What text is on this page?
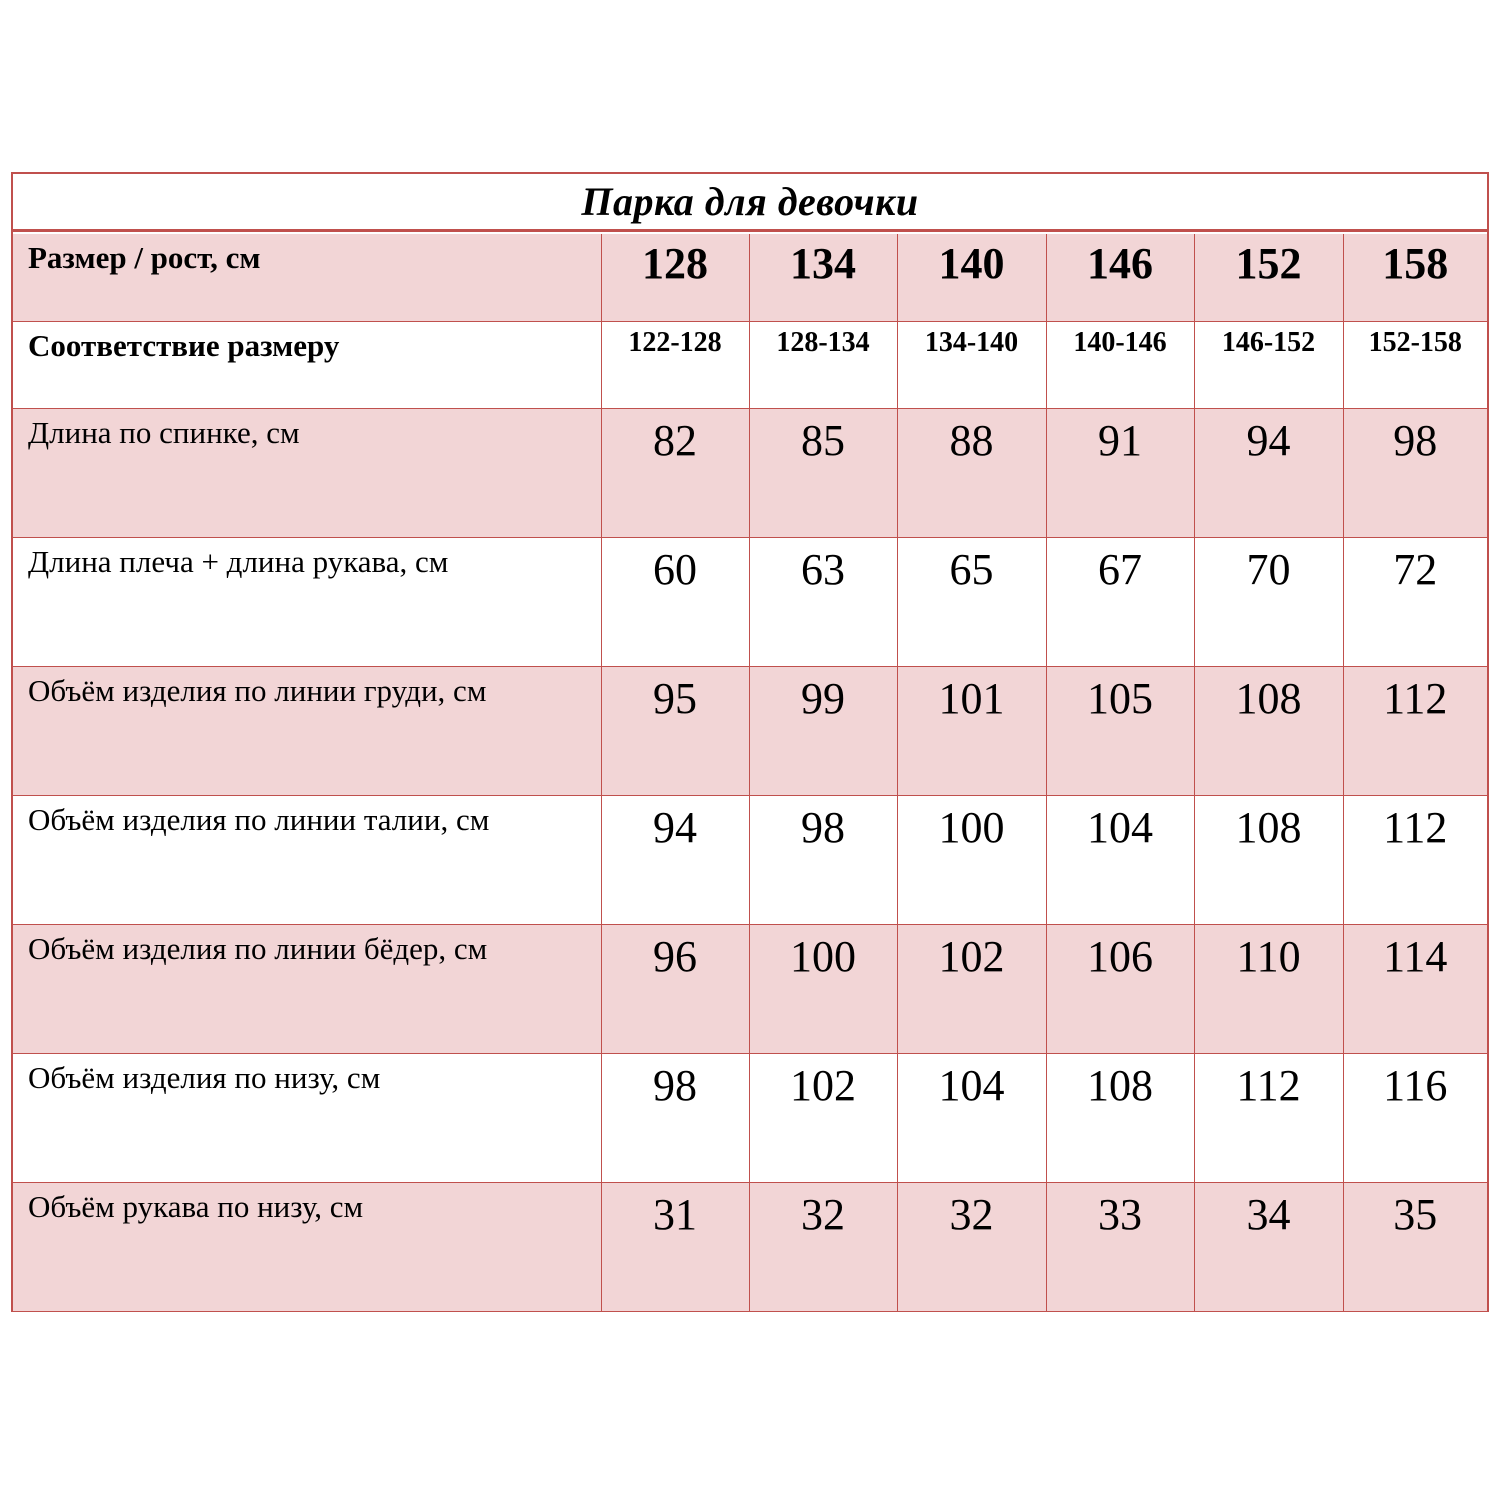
Парка для девочки
Размер / рост, см	128	134	140	146	152	158
Соответствие размеру	122-128	128-134	134-140	140-146	146-152	152-158
Длина по спинке, см	82	85	88	91	94	98
Длина плеча + длина рукава, см	60	63	65	67	70	72
Объём изделия по линии груди, см	95	99	101	105	108	112
Объём изделия по линии талии, см	94	98	100	104	108	112
Объём изделия по линии бёдер, см	96	100	102	106	110	114
Объём изделия по низу, см	98	102	104	108	112	116
Объём рукава по низу, см	31	32	32	33	34	35
